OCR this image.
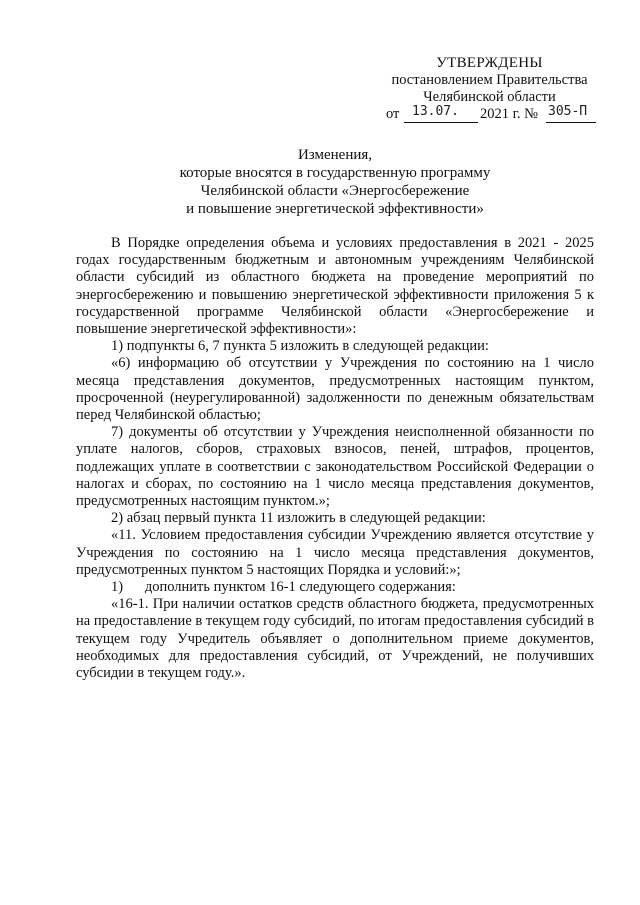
УТВЕРЖДЕНЫ
постановлением Правительства
Челябинской области
от 13.07. 2021 г. № 305-П
Изменения,
которые вносятся в государственную программу
Челябинской области «Энергосбережение
и повышение энергетической эффективности»

В Порядке определения объема и условиях предоставления в 2021 - 2025 годах государственным бюджетным и автономным учреждениям Челябинской области субсидий из областного бюджета на проведение мероприятий по энергосбережению и повышению энергетической эффективности приложения 5 к государственной программе Челябинской области «Энергосбережение и повышение энергетической эффективности»:

1) подпункты 6, 7 пункта 5 изложить в следующей редакции:

«6) информацию об отсутствии у Учреждения по состоянию на 1 число месяца представления документов, предусмотренных настоящим пунктом, просроченной (неурегулированной) задолженности по денежным обязательствам перед Челябинской областью;

7) документы об отсутствии у Учреждения неисполненной обязанности по уплате налогов, сборов, страховых взносов, пеней, штрафов, процентов, подлежащих уплате в соответствии с законодательством Российской Федерации о налогах и сборах, по состоянию на 1 число месяца представления документов, предусмотренных настоящим пунктом.»;

2) абзац первый пункта 11 изложить в следующей редакции:

«11. Условием предоставления субсидии Учреждению является отсутствие у Учреждения по состоянию на 1 число месяца представления документов, предусмотренных пунктом 5 настоящих Порядка и условий:»;

1)      дополнить пунктом 16-1 следующего содержания:

«16-1. При наличии остатков средств областного бюджета, предусмотренных на предоставление в текущем году субсидий, по итогам предоставления субсидий в текущем году Учредитель объявляет о дополнительном приеме документов, необходимых для предоставления субсидий, от Учреждений, не получивших субсидии в текущем году.».
